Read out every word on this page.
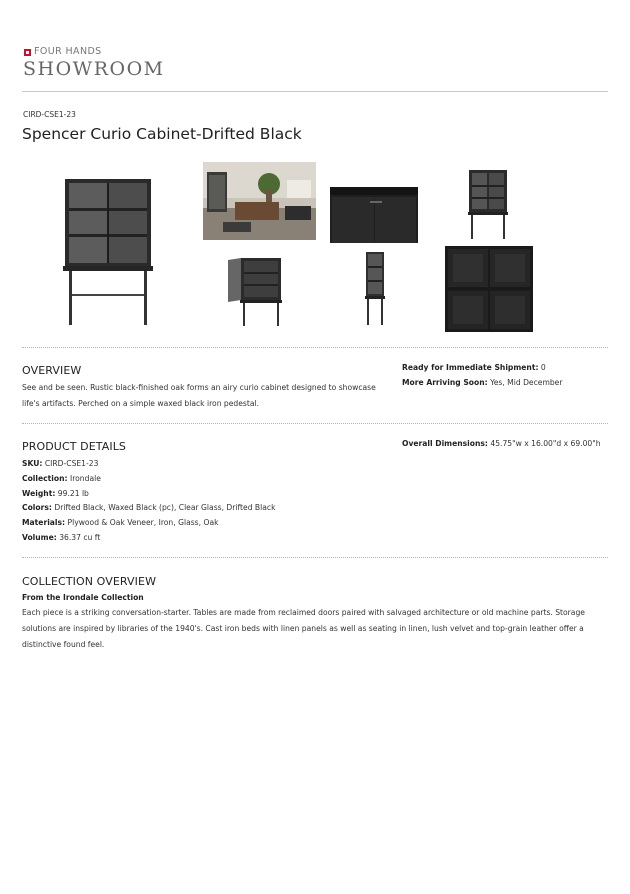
FOUR HANDS
SHOWROOM
CIRD-CSE1-23
Spencer Curio Cabinet-Drifted Black
OVERVIEW
See and be seen. Rustic black-finished oak forms an airy curio cabinet designed to showcase life's artifacts. Perched on a simple waxed black iron pedestal.
Ready for Immediate Shipment: 0
More Arriving Soon: Yes, Mid December
PRODUCT DETAILS
SKU: CIRD-CSE1-23
Collection: Irondale
Weight: 99.21 lb
Colors: Drifted Black, Waxed Black (pc), Clear Glass, Drifted Black
Materials: Plywood & Oak Veneer, Iron, Glass, Oak
Volume: 36.37 cu ft
Overall Dimensions: 45.75"w x 16.00"d x 69.00"h
COLLECTION OVERVIEW
From the Irondale Collection
Each piece is a striking conversation-starter. Tables are made from reclaimed doors paired with salvaged architecture or old machine parts. Storage solutions are inspired by libraries of the 1940's. Cast iron beds with linen panels as well as seating in linen, lush velvet and top-grain leather offer a distinctive found feel.
